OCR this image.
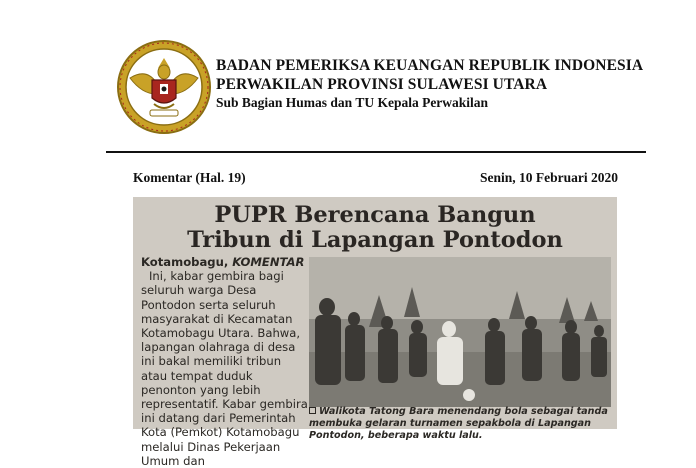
BADAN PEMERIKSA KEUANGAN REPUBLIK INDONESIA
PERWAKILAN PROVINSI SULAWESI UTARA
Sub Bagian Humas dan TU Kepala Perwakilan
Komentar (Hal. 19)	Senin, 10 Februari 2020
PUPR Berencana Bangun
Tribun di Lapangan Pontodon
Kotamobagu, KOMENTAR

Ini, kabar gembira bagi seluruh warga Desa Pontodon serta seluruh masyarakat di Kecamatan Kotamobagu Utara. Bahwa, lapangan olahraga di desa ini bakal memiliki tribun atau tempat duduk penonton yang lebih representatif. Kabar gembira ini datang dari Pemerintah Kota (Pemkot) Kotamobagu melalui Dinas Pekerjaan Umum dan

Walikota Tatong Bara menendang bola sebagai tanda membuka gelaran turnamen sepakbola di Lapangan Pontodon, beberapa waktu lalu.
